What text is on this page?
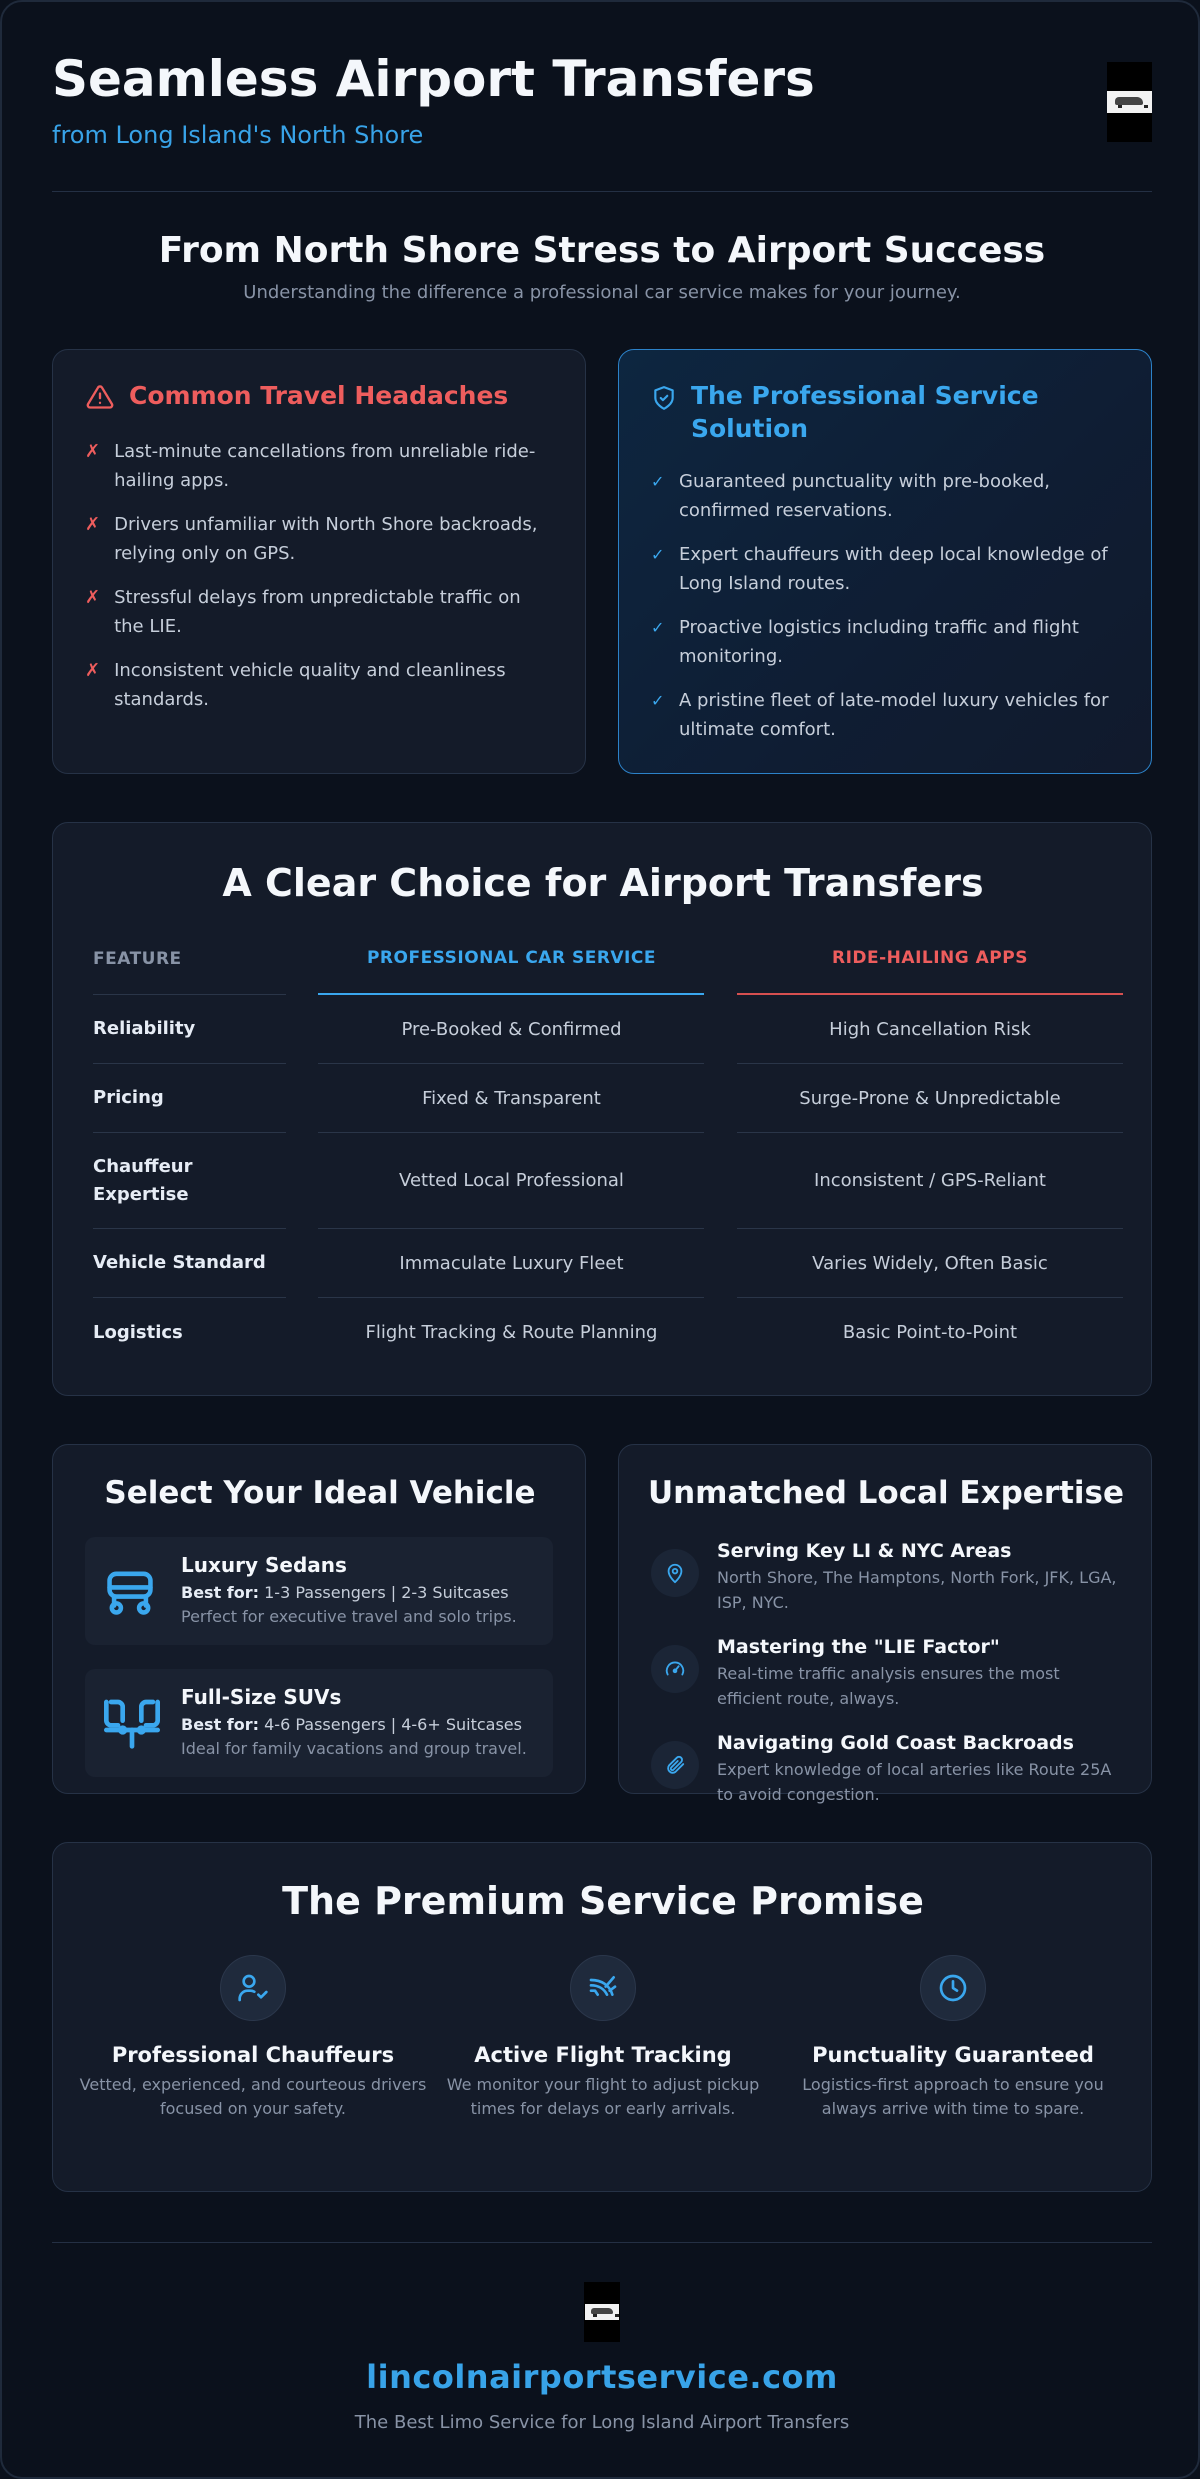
Seamless Airport Transfers
from Long Island's North Shore
From North Shore Stress to Airport Success
Understanding the difference a professional car service makes for your journey.
Common Travel Headaches
✗ Last-minute cancellations from unreliable ride-hailing apps.
✗ Drivers unfamiliar with North Shore backroads, relying only on GPS.
✗ Stressful delays from unpredictable traffic on the LIE.
✗ Inconsistent vehicle quality and cleanliness standards.
The Professional Service Solution
✓ Guaranteed punctuality with pre-booked, confirmed reservations.
✓ Expert chauffeurs with deep local knowledge of Long Island routes.
✓ Proactive logistics including traffic and flight monitoring.
✓ A pristine fleet of late-model luxury vehicles for ultimate comfort.
A Clear Choice for Airport Transfers
FEATURE		PROFESSIONAL CAR SERVICE		RIDE-HAILING APPS
Reliability		Pre-Booked & Confirmed		High Cancellation Risk
Pricing		Fixed & Transparent		Surge-Prone & Unpredictable
Chauffeur Expertise		Vetted Local Professional		Inconsistent / GPS-Reliant
Vehicle Standard		Immaculate Luxury Fleet		Varies Widely, Often Basic
Logistics		Flight Tracking & Route Planning		Basic Point-to-Point
Select Your Ideal Vehicle
Luxury Sedans
Best for: 1-3 Passengers | 2-3 Suitcases
Perfect for executive travel and solo trips.
Full-Size SUVs
Best for: 4-6 Passengers | 4-6+ Suitcases
Ideal for family vacations and group travel.
Unmatched Local Expertise
Serving Key LI & NYC Areas
North Shore, The Hamptons, North Fork, JFK, LGA, ISP, NYC.
Mastering the "LIE Factor"
Real-time traffic analysis ensures the most efficient route, always.
Navigating Gold Coast Backroads
Expert knowledge of local arteries like Route 25A to avoid congestion.
The Premium Service Promise
Professional Chauffeurs
Vetted, experienced, and courteous drivers focused on your safety.
Active Flight Tracking
We monitor your flight to adjust pickup times for delays or early arrivals.
Punctuality Guaranteed
Logistics-first approach to ensure you always arrive with time to spare.
lincolnairportservice.com
The Best Limo Service for Long Island Airport Transfers
